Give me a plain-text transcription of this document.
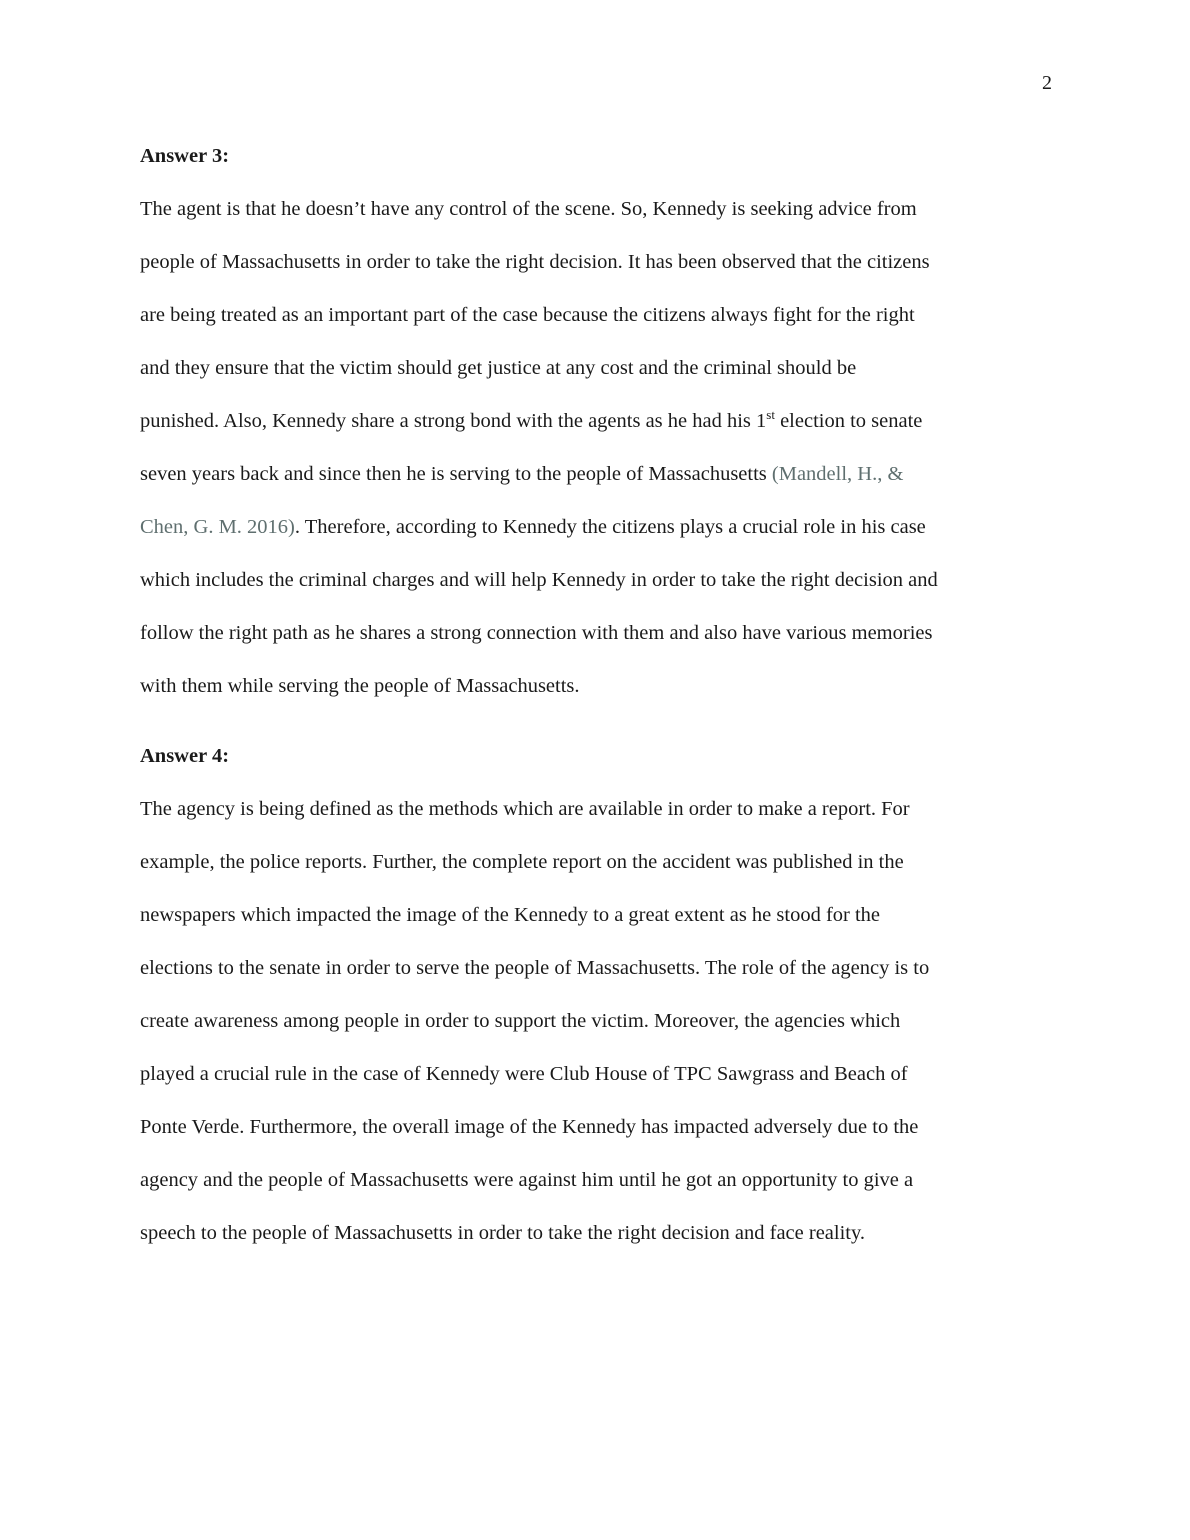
2

Answer 3:

The agent is that he doesn’t have any control of the scene. So, Kennedy is seeking advice from
people of Massachusetts in order to take the right decision. It has been observed that the citizens
are being treated as an important part of the case because the citizens always fight for the right
and they ensure that the victim should get justice at any cost and the criminal should be
punished. Also, Kennedy share a strong bond with the agents as he had his 1st election to senate
seven years back and since then he is serving to the people of Massachusetts (Mandell, H., &
Chen, G. M. 2016). Therefore, according to Kennedy the citizens plays a crucial role in his case
which includes the criminal charges and will help Kennedy in order to take the right decision and
follow the right path as he shares a strong connection with them and also have various memories
with them while serving the people of Massachusetts.

Answer 4:

The agency is being defined as the methods which are available in order to make a report. For
example, the police reports. Further, the complete report on the accident was published in the
newspapers which impacted the image of the Kennedy to a great extent as he stood for the
elections to the senate in order to serve the people of Massachusetts. The role of the agency is to
create awareness among people in order to support the victim. Moreover, the agencies which
played a crucial rule in the case of Kennedy were Club House of TPC Sawgrass and Beach of
Ponte Verde. Furthermore, the overall image of the Kennedy has impacted adversely due to the
agency and the people of Massachusetts were against him until he got an opportunity to give a
speech to the people of Massachusetts in order to take the right decision and face reality.
